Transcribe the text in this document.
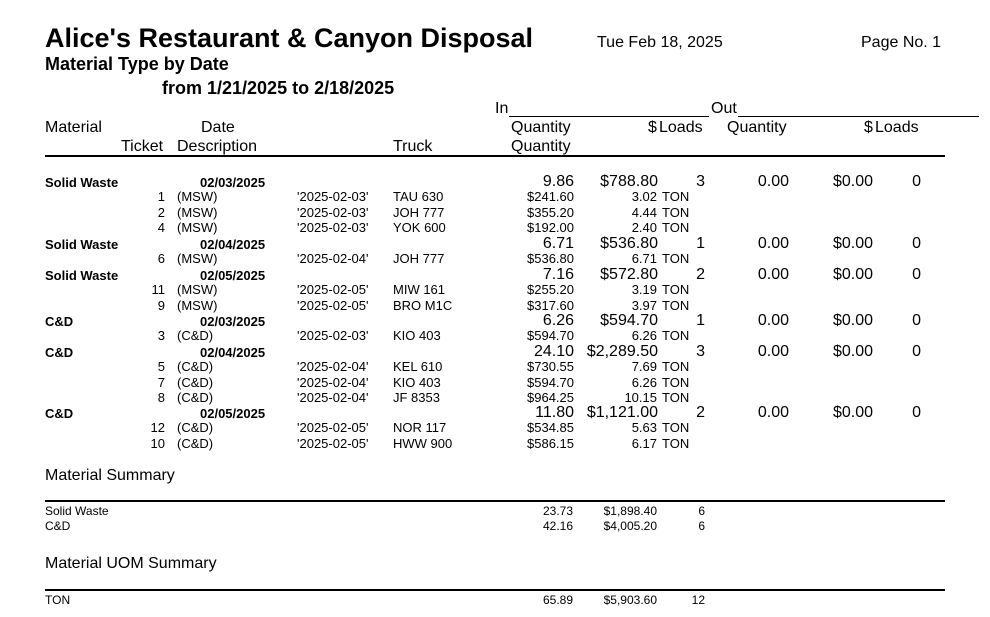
Alice's Restaurant & Canyon Disposal
Material Type by Date
from 1/21/2025 to 2/18/2025
Tue Feb 18, 2025	Page No. 1
In	Out
Material	Date	Quantity	$ Loads Quantity	$ Loads
Ticket Description	Truck	Quantity
Solid Waste	02/03/2025	9.86	$788.80	3	0.00	$0.00	0
1 (MSW)	'2025-02-03' TAU 630	$241.60	3.02 TON
2 (MSW)	'2025-02-03' JOH 777	$355.20	4.44 TON
4 (MSW)	'2025-02-03' YOK 600	$192.00	2.40 TON
Solid Waste	02/04/2025	6.71	$536.80	1	0.00	$0.00	0
6 (MSW)	'2025-02-04' JOH 777	$536.80	6.71 TON
Solid Waste	02/05/2025	7.16	$572.80	2	0.00	$0.00	0
11 (MSW)	'2025-02-05' MIW 161	$255.20	3.19 TON
9 (MSW)	'2025-02-05' BRO M1C	$317.60	3.97 TON
C&D	02/03/2025	6.26	$594.70	1	0.00	$0.00	0
3 (C&D)	'2025-02-03' KIO 403	$594.70	6.26 TON
C&D	02/04/2025	24.10 $2,289.50	3	0.00	$0.00	0
5 (C&D)	'2025-02-04' KEL 610	$730.55	7.69 TON
7 (C&D)	'2025-02-04' KIO 403	$594.70	6.26 TON
8 (C&D)	'2025-02-04' JF 8353	$964.25	10.15 TON
C&D	02/05/2025	11.80 $1,121.00	2	0.00	$0.00	0
12 (C&D)	'2025-02-05' NOR 117	$534.85	5.63 TON
10 (C&D)	'2025-02-05' HWW 900	$586.15	6.17 TON
Material Summary
Solid Waste	23.73	$1,898.40	6
C&D	42.16	$4,005.20	6
Material UOM Summary
TON	65.89	$5,903.60	12
